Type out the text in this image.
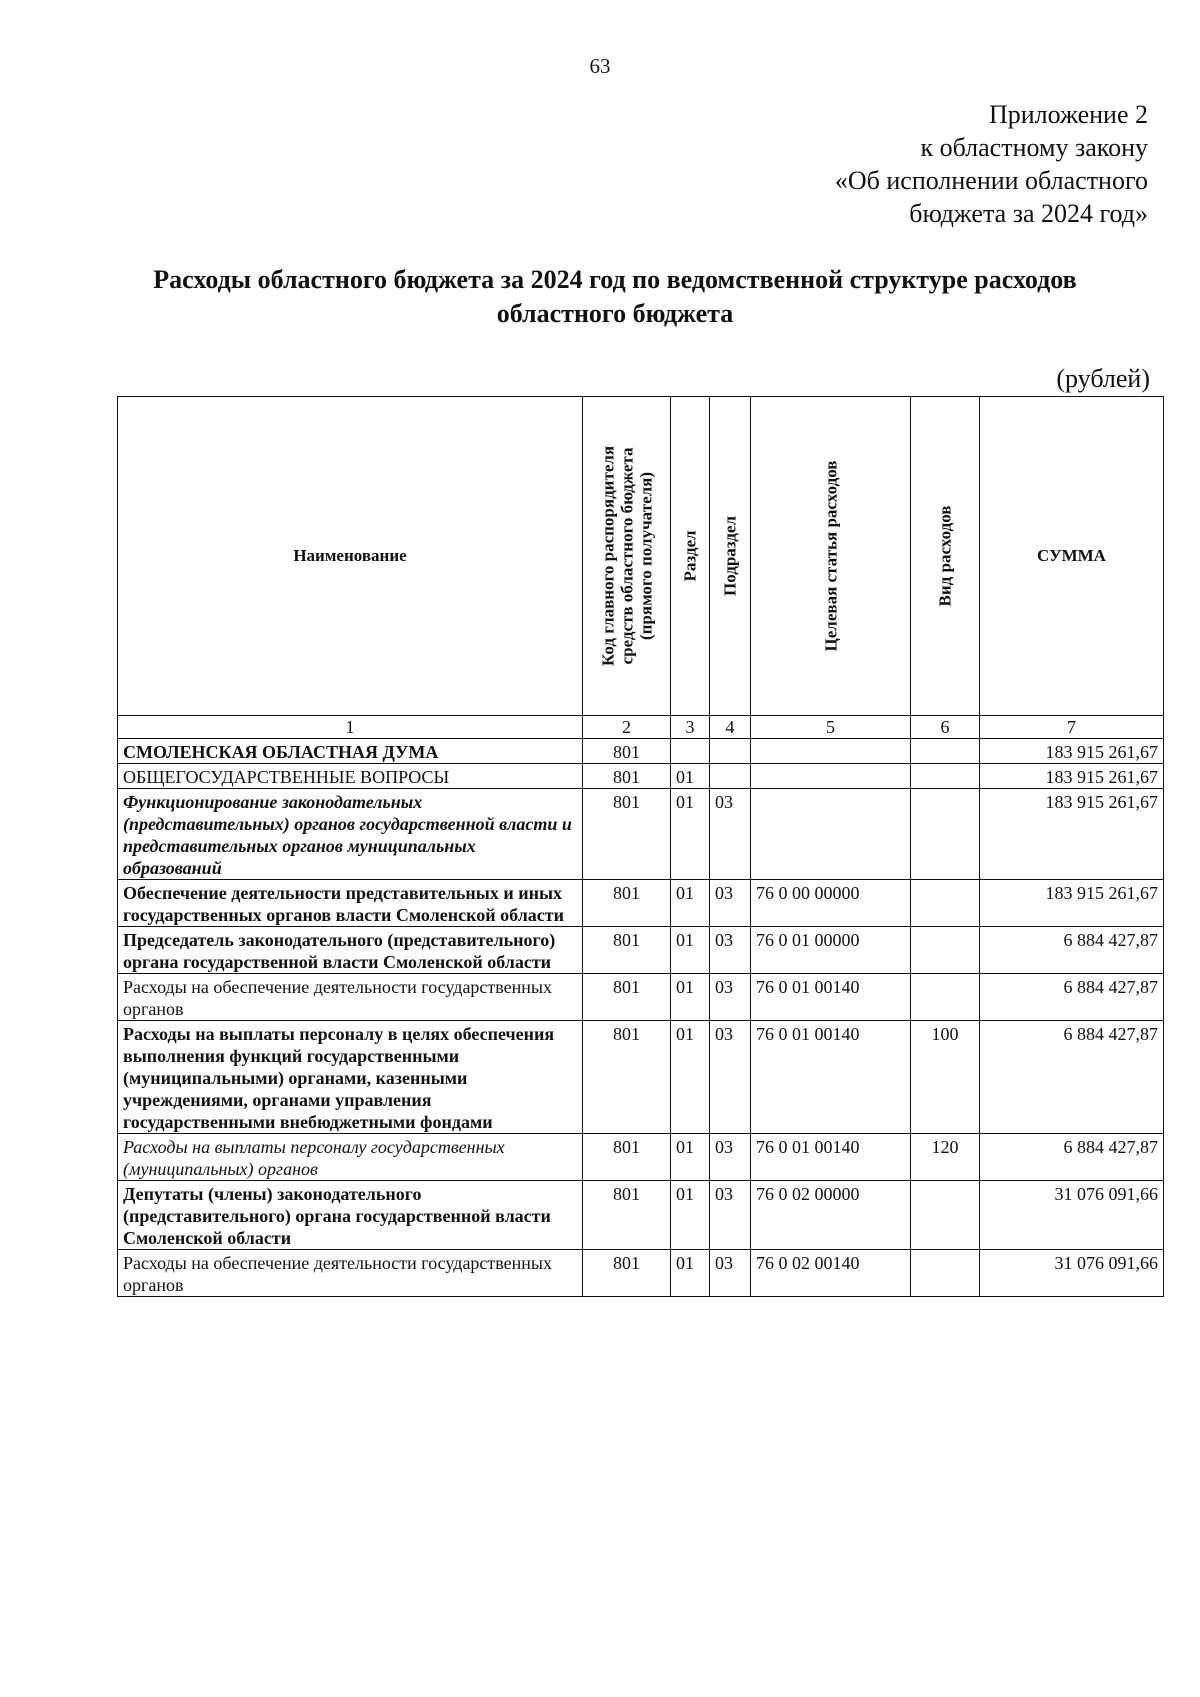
63
Приложение 2
к областному закону
«Об исполнении областного
бюджета за 2024 год»
Расходы областного бюджета за 2024 год по ведомственной структуре расходов
областного бюджета
(рублей)
Наименование	Код главного распорядителя средств областного бюджета (прямого получателя)	Раздел	Подраздел	Целевая статья расходов	Вид расходов	СУММА

1	2	3	4	5	6	7
СМОЛЕНСКАЯ ОБЛАСТНАЯ ДУМА	801					183 915 261,67
ОБЩЕГОСУДАРСТВЕННЫЕ ВОПРОСЫ	801	01				183 915 261,67
Функционирование законодательных (представительных) органов государственной власти и представительных органов муниципальных образований	801	01	03			183 915 261,67
Обеспечение деятельности представительных и иных государственных органов власти Смоленской области	801	01	03	76 0 00 00000		183 915 261,67
Председатель законодательного (представительного) органа государственной власти Смоленской области	801	01	03	76 0 01 00000		6 884 427,87
Расходы на обеспечение деятельности государственных органов	801	01	03	76 0 01 00140		6 884 427,87
Расходы на выплаты персоналу в целях обеспечения выполнения функций государственными (муниципальными) органами, казенными учреждениями, органами управления государственными внебюджетными фондами	801	01	03	76 0 01 00140	100	6 884 427,87
Расходы на выплаты персоналу государственных (муниципальных) органов	801	01	03	76 0 01 00140	120	6 884 427,87
Депутаты (члены) законодательного (представительного) органа государственной власти Смоленской области	801	01	03	76 0 02 00000		31 076 091,66
Расходы на обеспечение деятельности государственных органов	801	01	03	76 0 02 00140		31 076 091,66
